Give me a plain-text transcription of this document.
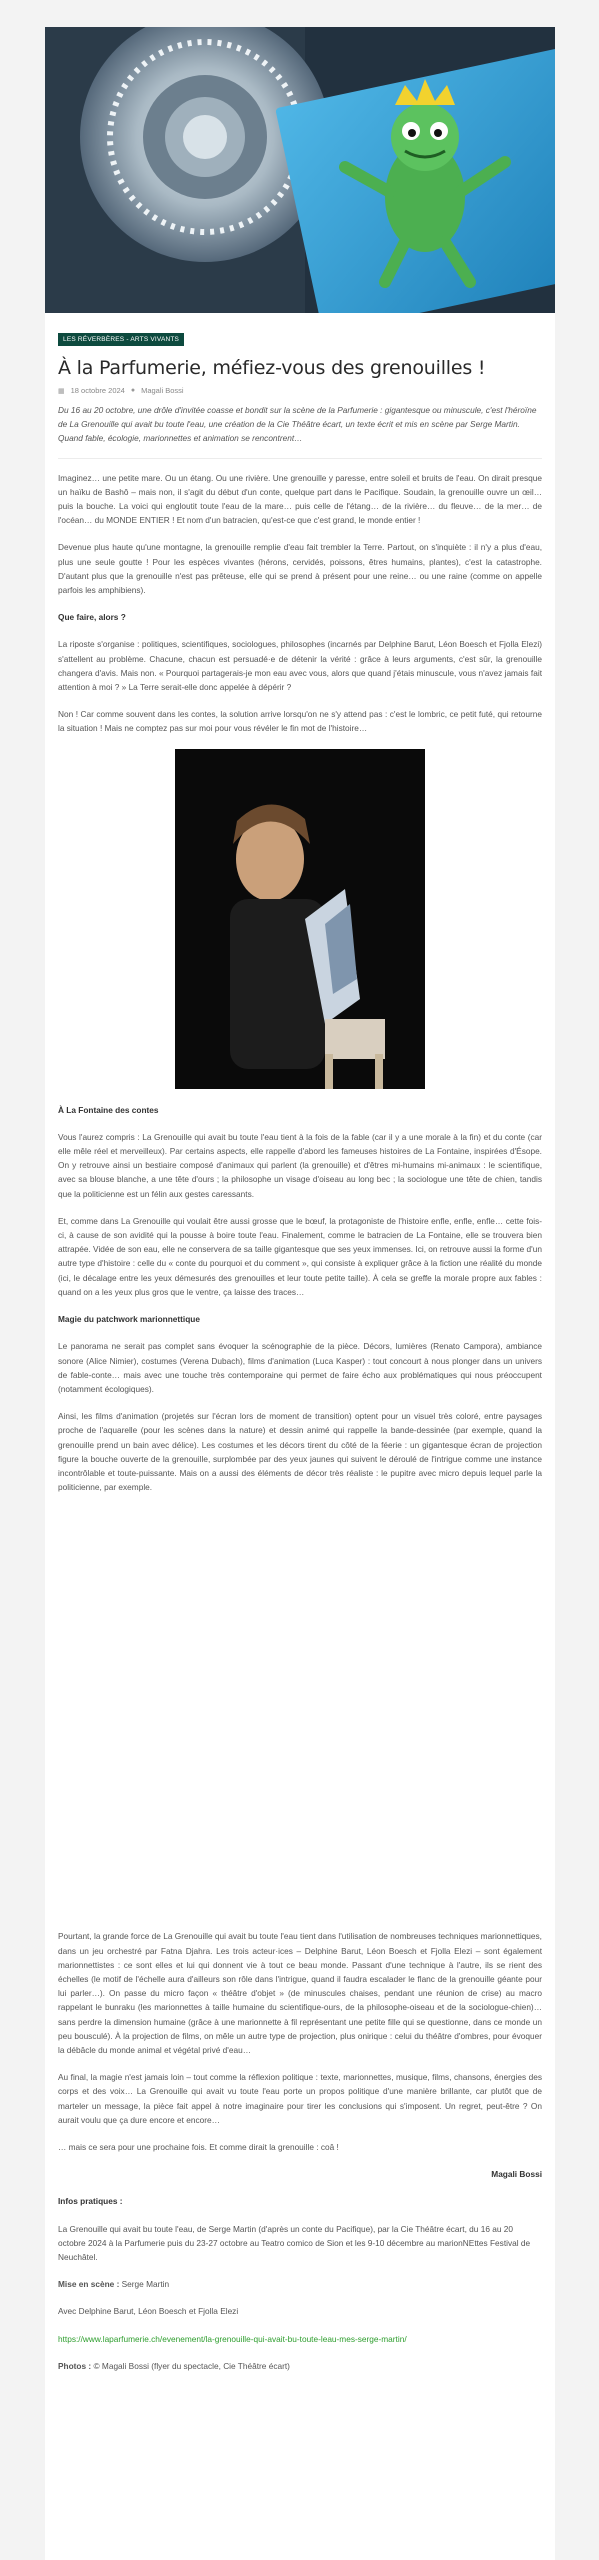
LES RÉVERBÈRES - ARTS VIVANTS
À la Parfumerie, méfiez-vous des grenouilles !
▦ 18 octobre 2024 ● Magali Bossi

Du 16 au 20 octobre, une drôle d'invitée coasse et bondit sur la scène de la Parfumerie : gigantesque ou minuscule, c'est l'héroïne de La Grenouille qui avait bu toute l'eau, une création de la Cie Théâtre écart, un texte écrit et mis en scène par Serge Martin. Quand fable, écologie, marionnettes et animation se rencontrent…

Imaginez… une petite mare. Ou un étang. Ou une rivière. Une grenouille y paresse, entre soleil et bruits de l'eau. On dirait presque un haïku de Bashô – mais non, il s'agit du début d'un conte, quelque part dans le Pacifique. Soudain, la grenouille ouvre un œil… puis la bouche. La voici qui engloutit toute l'eau de la mare… puis celle de l'étang… de la rivière… du fleuve… de la mer… de l'océan… du MONDE ENTIER ! Et nom d'un batracien, qu'est-ce que c'est grand, le monde entier !

Devenue plus haute qu'une montagne, la grenouille remplie d'eau fait trembler la Terre. Partout, on s'inquiète : il n'y a plus d'eau, plus une seule goutte ! Pour les espèces vivantes (hérons, cervidés, poissons, êtres humains, plantes), c'est la catastrophe. D'autant plus que la grenouille n'est pas prêteuse, elle qui se prend à présent pour une reine… ou une raine (comme on appelle parfois les amphibiens).

Que faire, alors ?

La riposte s'organise : politiques, scientifiques, sociologues, philosophes (incarnés par Delphine Barut, Léon Boesch et Fjolla Elezi) s'attellent au problème. Chacune, chacun est persuadé·e de détenir la vérité : grâce à leurs arguments, c'est sûr, la grenouille changera d'avis. Mais non. « Pourquoi partagerais-je mon eau avec vous, alors que quand j'étais minuscule, vous n'avez jamais fait attention à moi ? » La Terre serait-elle donc appelée à dépérir ?

Non ! Car comme souvent dans les contes, la solution arrive lorsqu'on ne s'y attend pas : c'est le lombric, ce petit futé, qui retourne la situation ! Mais ne comptez pas sur moi pour vous révéler le fin mot de l'histoire…

À La Fontaine des contes

Vous l'aurez compris : La Grenouille qui avait bu toute l'eau tient à la fois de la fable (car il y a une morale à la fin) et du conte (car elle mêle réel et merveilleux). Par certains aspects, elle rappelle d'abord les fameuses histoires de La Fontaine, inspirées d'Ésope. On y retrouve ainsi un bestiaire composé d'animaux qui parlent (la grenouille) et d'êtres mi-humains mi-animaux : le scientifique, avec sa blouse blanche, a une tête d'ours ; la philosophe un visage d'oiseau au long bec ; la sociologue une tête de chien, tandis que la politicienne est un félin aux gestes caressants.

Et, comme dans La Grenouille qui voulait être aussi grosse que le bœuf, la protagoniste de l'histoire enfle, enfle, enfle… cette fois-ci, à cause de son avidité qui la pousse à boire toute l'eau. Finalement, comme le batracien de La Fontaine, elle se trouvera bien attrapée. Vidée de son eau, elle ne conservera de sa taille gigantesque que ses yeux immenses. Ici, on retrouve aussi la forme d'un autre type d'histoire : celle du « conte du pourquoi et du comment », qui consiste à expliquer grâce à la fiction une réalité du monde (ici, le décalage entre les yeux démesurés des grenouilles et leur toute petite taille). À cela se greffe la morale propre aux fables : quand on a les yeux plus gros que le ventre, ça laisse des traces…

Magie du patchwork marionnettique

Le panorama ne serait pas complet sans évoquer la scénographie de la pièce. Décors, lumières (Renato Campora), ambiance sonore (Alice Nimier), costumes (Verena Dubach), films d'animation (Luca Kasper) : tout concourt à nous plonger dans un univers de fable-conte… mais avec une touche très contemporaine qui permet de faire écho aux problématiques qui nous préoccupent (notamment écologiques).

Ainsi, les films d'animation (projetés sur l'écran lors de moment de transition) optent pour un visuel très coloré, entre paysages proche de l'aquarelle (pour les scènes dans la nature) et dessin animé qui rappelle la bande-dessinée (par exemple, quand la grenouille prend un bain avec délice). Les costumes et les décors tirent du côté de la féerie : un gigantesque écran de projection figure la bouche ouverte de la grenouille, surplombée par des yeux jaunes qui suivent le déroulé de l'intrigue comme une instance incontrôlable et toute-puissante. Mais on a aussi des éléments de décor très réaliste : le pupitre avec micro depuis lequel parle la politicienne, par exemple.

Pourtant, la grande force de La Grenouille qui avait bu toute l'eau tient dans l'utilisation de nombreuses techniques marionnettiques, dans un jeu orchestré par Fatna Djahra. Les trois acteur·ices – Delphine Barut, Léon Boesch et Fjolla Elezi – sont également marionnettistes : ce sont elles et lui qui donnent vie à tout ce beau monde. Passant d'une technique à l'autre, ils se rient des échelles (le motif de l'échelle aura d'ailleurs son rôle dans l'intrigue, quand il faudra escalader le flanc de la grenouille géante pour lui parler…). On passe du micro façon « théâtre d'objet » (de minuscules chaises, pendant une réunion de crise) au macro rappelant le bunraku (les marionnettes à taille humaine du scientifique-ours, de la philosophe-oiseau et de la sociologue-chien)… sans perdre la dimension humaine (grâce à une marionnette à fil représentant une petite fille qui se questionne, dans ce monde un peu bousculé). À la projection de films, on mêle un autre type de projection, plus onirique : celui du théâtre d'ombres, pour évoquer la débâcle du monde animal et végétal privé d'eau…

Au final, la magie n'est jamais loin – tout comme la réflexion politique : texte, marionnettes, musique, films, chansons, énergies des corps et des voix… La Grenouille qui avait vu toute l'eau porte un propos politique d'une manière brillante, car plutôt que de marteler un message, la pièce fait appel à notre imaginaire pour tirer les conclusions qui s'imposent. Un regret, peut-être ? On aurait voulu que ça dure encore et encore…

… mais ce sera pour une prochaine fois. Et comme dirait la grenouille : coâ !

Magali Bossi

Infos pratiques :

La Grenouille qui avait bu toute l'eau, de Serge Martin (d'après un conte du Pacifique), par la Cie Théâtre écart, du 16 au 20 octobre 2024 à la Parfumerie puis du 23-27 octobre au Teatro comico de Sion et les 9-10 décembre au marionNEttes Festival de Neuchâtel.

Mise en scène : Serge Martin

Avec Delphine Barut, Léon Boesch et Fjolla Elezi

https://www.laparfumerie.ch/evenement/la-grenouille-qui-avait-bu-toute-leau-mes-serge-martin/

Photos : © Magali Bossi (flyer du spectacle, Cie Théâtre écart)
